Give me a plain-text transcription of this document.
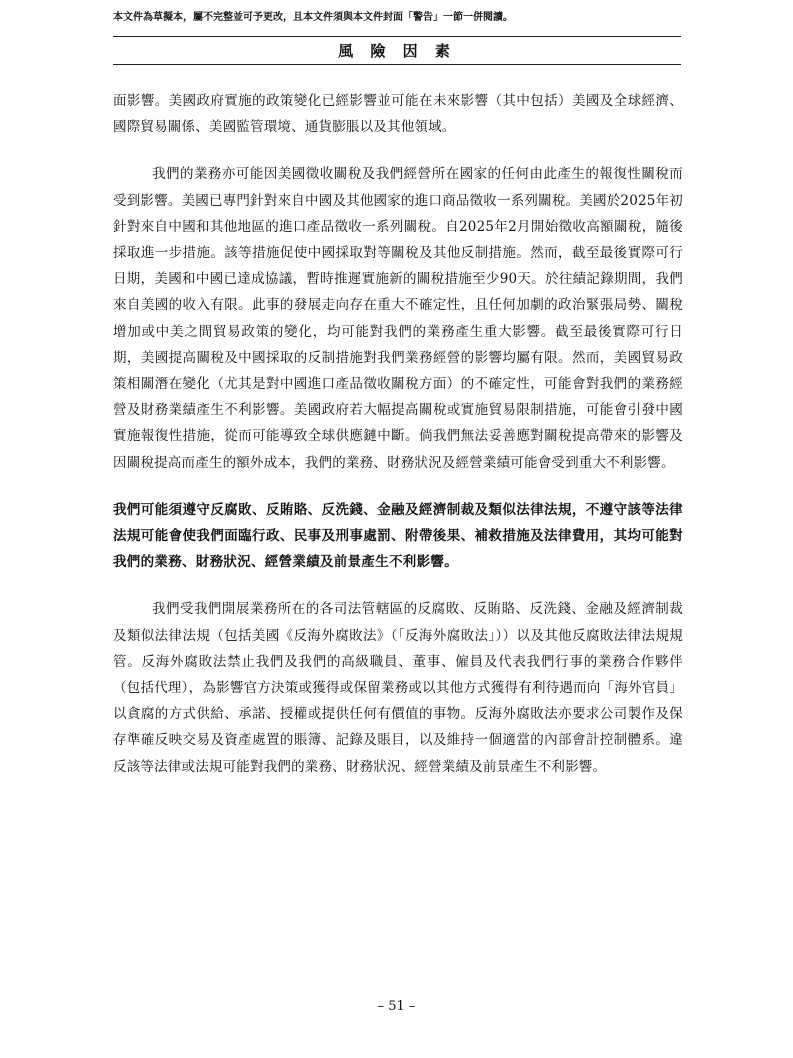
本文件為草擬本，屬不完整並可予更改，且本文件須與本文件封面「警告」一節一併閱讀。
風 險 因 素

面影響。美國政府實施的政策變化已經影響並可能在未來影響（其中包括）美國及全球經濟、國際貿易關係、美國監管環境、通貨膨脹以及其他領域。

我們的業務亦可能因美國徵收關稅及我們經營所在國家的任何由此產生的報復性關稅而受到影響。美國已專門針對來自中國及其他國家的進口商品徵收一系列關稅。美國於2025年初針對來自中國和其他地區的進口產品徵收一系列關稅。自2025年2月開始徵收高額關稅，隨後採取進一步措施。該等措施促使中國採取對等關稅及其他反制措施。然而，截至最後實際可行日期，美國和中國已達成協議，暫時推遲實施新的關稅措施至少90天。於往績記錄期間，我們來自美國的收入有限。此事的發展走向存在重大不確定性，且任何加劇的政治緊張局勢、關稅增加或中美之間貿易政策的變化，均可能對我們的業務產生重大影響。截至最後實際可行日期，美國提高關稅及中國採取的反制措施對我們業務經營的影響均屬有限。然而，美國貿易政策相關潛在變化（尤其是對中國進口產品徵收關稅方面）的不確定性，可能會對我們的業務經營及財務業績產生不利影響。美國政府若大幅提高關稅或實施貿易限制措施，可能會引發中國實施報復性措施，從而可能導致全球供應鏈中斷。倘我們無法妥善應對關稅提高帶來的影響及因關稅提高而產生的額外成本，我們的業務、財務狀況及經營業績可能會受到重大不利影響。

我們可能須遵守反腐敗、反賄賂、反洗錢、金融及經濟制裁及類似法律法規，不遵守該等法律法規可能會使我們面臨行政、民事及刑事處罰、附帶後果、補救措施及法律費用，其均可能對我們的業務、財務狀況、經營業績及前景產生不利影響。

我們受我們開展業務所在的各司法管轄區的反腐敗、反賄賂、反洗錢、金融及經濟制裁及類似法律法規（包括美國《反海外腐敗法》（「反海外腐敗法」））以及其他反腐敗法律法規規管。反海外腐敗法禁止我們及我們的高級職員、董事、僱員及代表我們行事的業務合作夥伴（包括代理），為影響官方決策或獲得或保留業務或以其他方式獲得有利待遇而向「海外官員」以貪腐的方式供給、承諾、授權或提供任何有價值的事物。反海外腐敗法亦要求公司製作及保存準確反映交易及資產處置的賬簿、記錄及賬目，以及維持一個適當的內部會計控制體系。違反該等法律或法規可能對我們的業務、財務狀況、經營業績及前景產生不利影響。

– 51 –
